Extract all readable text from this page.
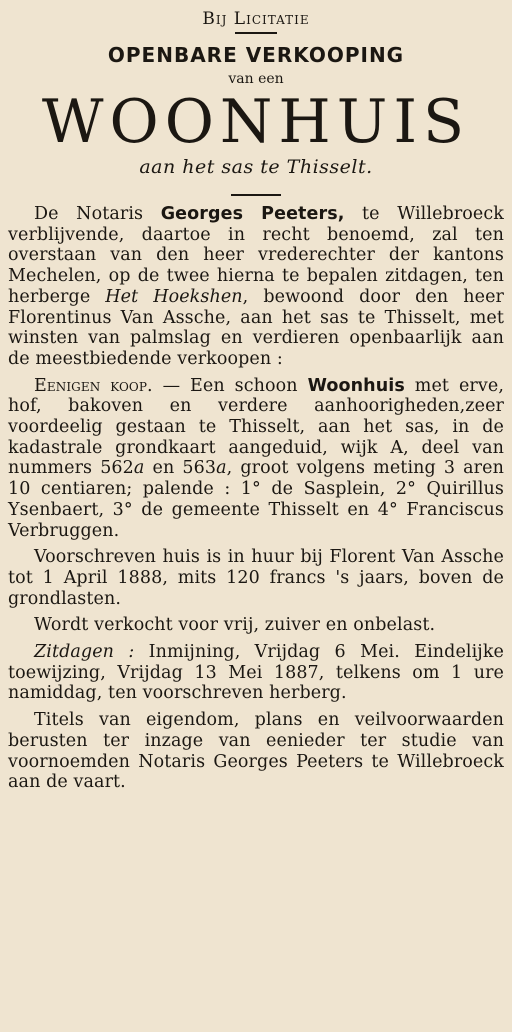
Bij Licitatie
OPENBARE VERKOOPING
van een
WOONHUIS
aan het sas te Thisselt.

De Notaris Georges Peeters, te Willebroeck verblijvende, daartoe in recht benoemd, zal ten overstaan van den heer vrederechter der kantons Mechelen, op de twee hierna te bepalen zitdagen, ten herberge Het Hoekshen, bewoond door den heer Florentinus Van Assche, aan het sas te Thisselt, met winsten van palmslag en verdieren openbaarlijk aan de meestbiedende verkoopen :

Eenigen koop. — Een schoon Woonhuis met erve, hof, bakoven en verdere aanhoorigheden,zeer voordeelig gestaan te Thisselt, aan het sas, in de kadastrale grondkaart aangeduid, wijk A, deel van nummers 562a en 563a, groot volgens meting 3 aren 10 centiaren; palende : 1° de Sasplein, 2° Quirillus Ysenbaert, 3° de gemeente Thisselt en 4° Franciscus Verbruggen.

Voorschreven huis is in huur bij Florent Van Assche tot 1 April 1888, mits 120 francs 's jaars, boven de grondlasten.

Wordt verkocht voor vrij, zuiver en onbelast.

Zitdagen : Inmijning, Vrijdag 6 Mei. Eindelijke toewijzing, Vrijdag 13 Mei 1887, telkens om 1 ure namiddag, ten voorschreven herberg.

Titels van eigendom, plans en veilvoorwaarden berusten ter inzage van eenieder ter studie van voornoemden Notaris Georges Peeters te Willebroeck aan de vaart.
